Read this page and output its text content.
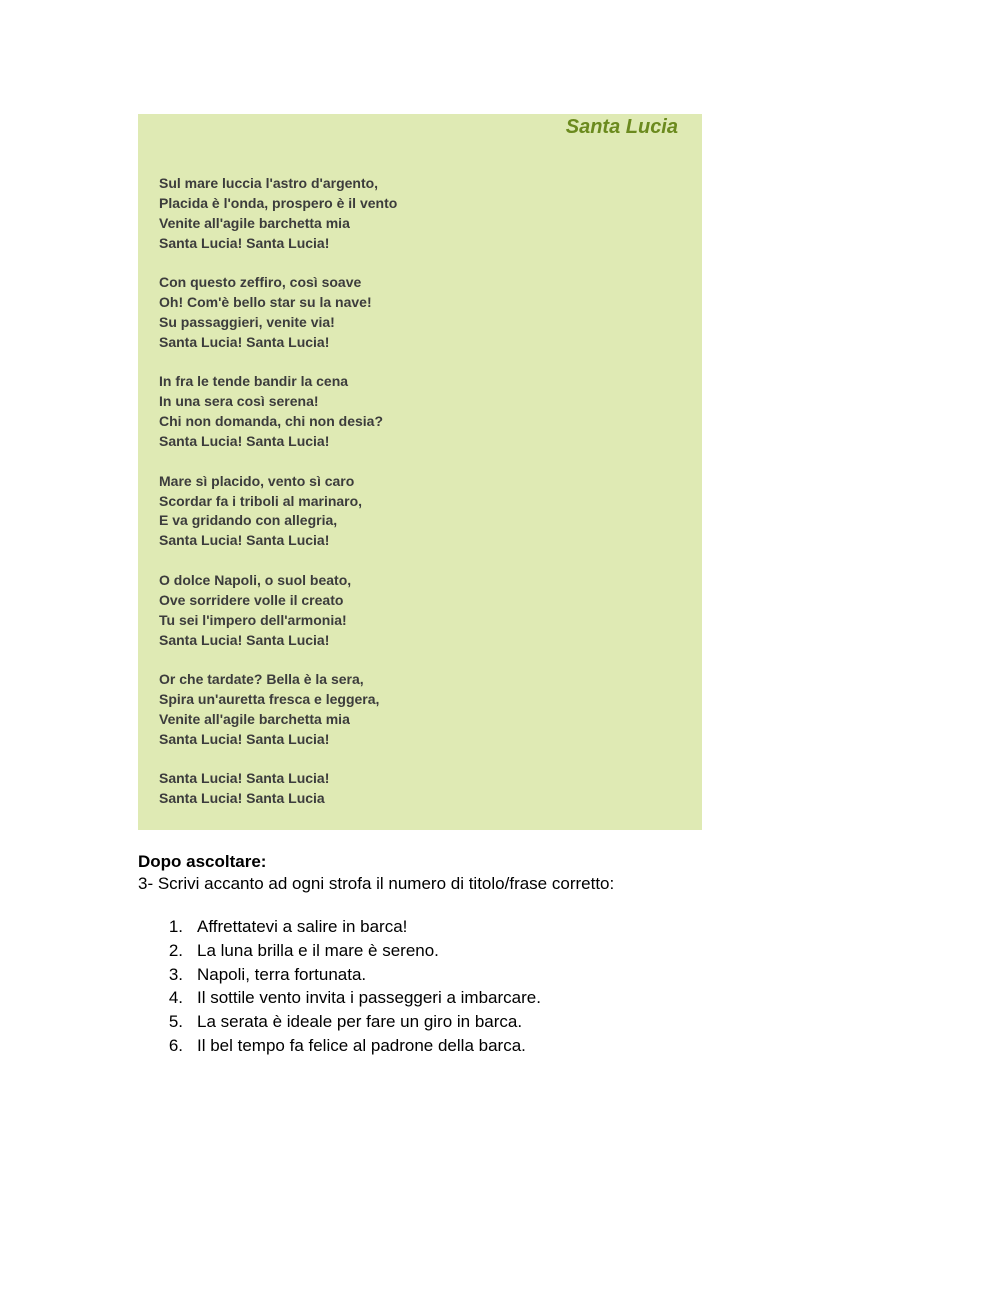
Santa Lucia
Sul mare luccia l'astro d'argento,
Placida è l'onda, prospero è il vento
Venite all'agile barchetta mia
Santa Lucia! Santa Lucia!
Con questo zeffiro, così soave
Oh! Com'è bello star su la nave!
Su passaggieri, venite via!
Santa Lucia! Santa Lucia!
In fra le tende bandir la cena
In una sera così serena!
Chi non domanda, chi non desia?
Santa Lucia! Santa Lucia!
Mare sì placido, vento sì caro
Scordar fa i triboli al marinaro,
E va gridando con allegria,
Santa Lucia! Santa Lucia!
O dolce Napoli, o suol beato,
Ove sorridere volle il creato
Tu sei l'impero dell'armonia!
Santa Lucia! Santa Lucia!
Or che tardate? Bella è la sera,
Spira un'auretta fresca e leggera,
Venite all'agile barchetta mia
Santa Lucia! Santa Lucia!
Santa Lucia! Santa Lucia!
Santa Lucia! Santa Lucia
Dopo ascoltare:
3- Scrivi accanto ad ogni strofa il numero di titolo/frase corretto:
1. Affrettatevi a salire in barca!
2. La luna brilla e il mare è sereno.
3. Napoli, terra fortunata.
4. Il sottile vento invita i passeggeri a imbarcare.
5. La serata è ideale per fare un giro in barca.
6. Il bel tempo fa felice al padrone della barca.
